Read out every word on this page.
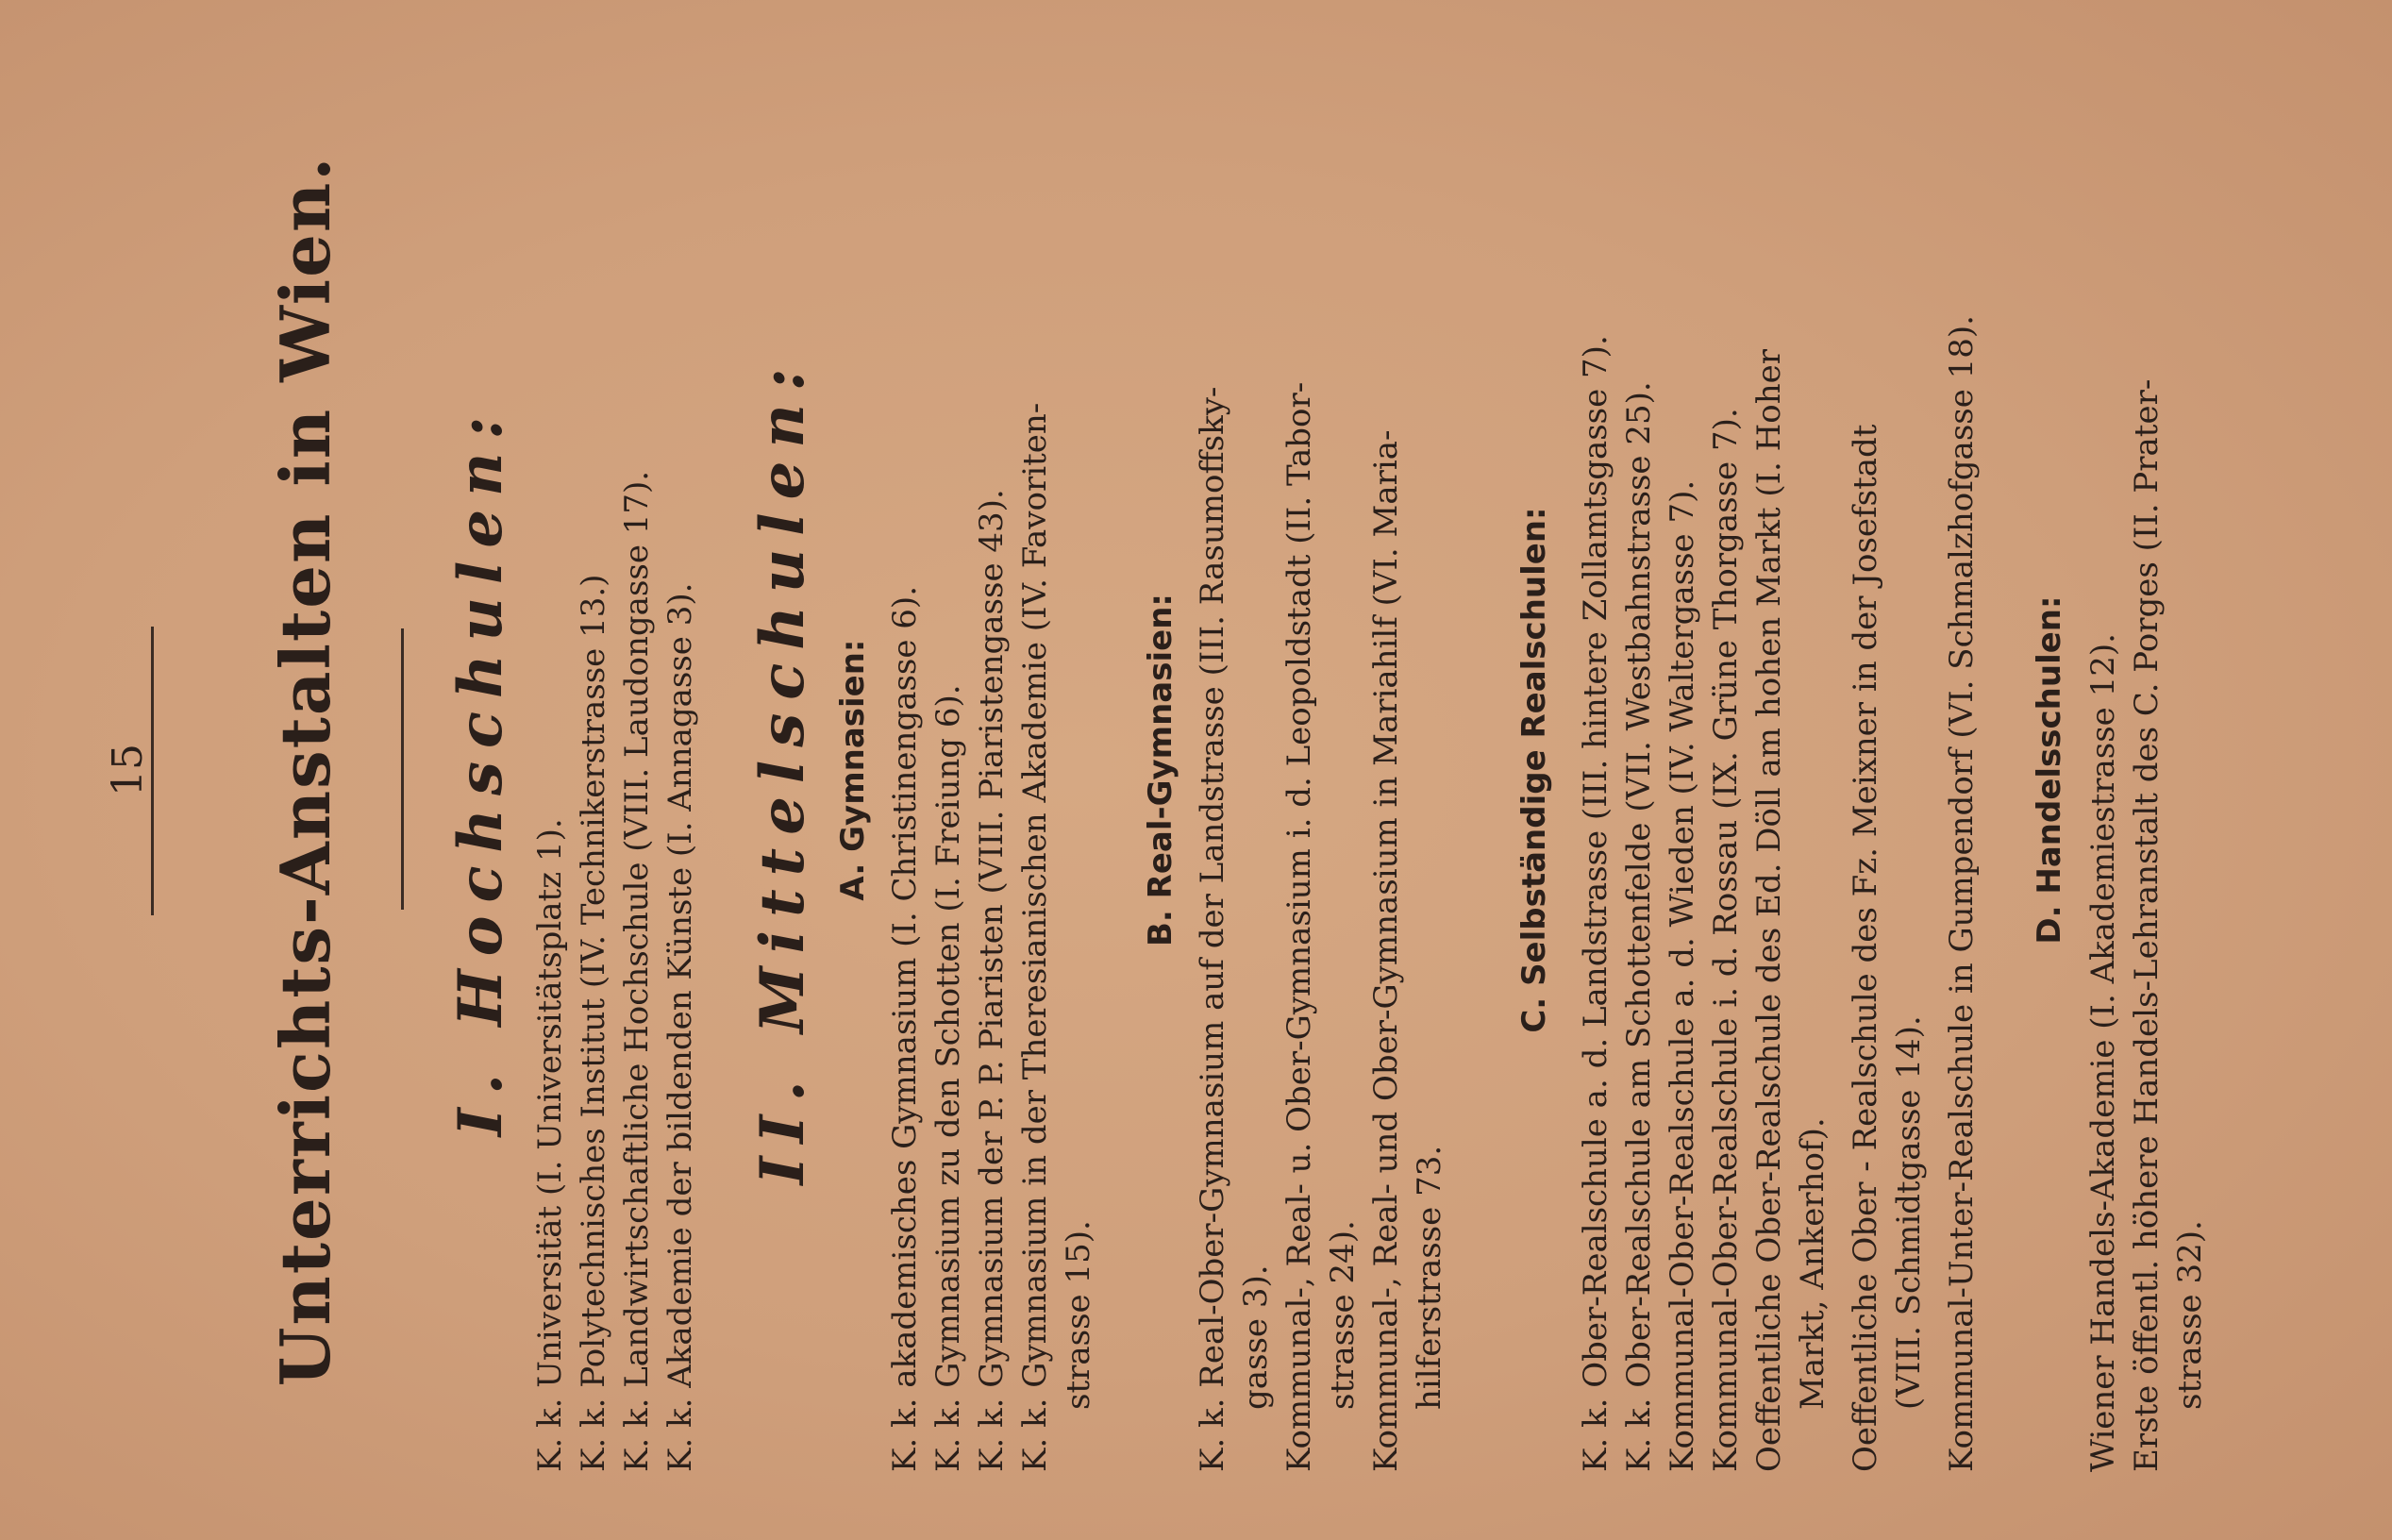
15 Unterrichts-Anstalten in Wien. I. Hochschulen:
K. k. Universität (I. Universitätsplatz 1). K. k. Polytechnisches Institut (IV. Technikerstrasse 13.) K. k. Landwirtschaftliche Hochschule (VIII. Laudongasse 17). K. k. Akademie der bildenden Künste (I. Annagasse 3). II. Mittelschulen: A. Gymnasien: K. k. akademisches Gymnasium (I. Christinengasse 6). K. k. Gymnasium zu den Schotten (I. Freiung 6). K. k. Gymnasium der P. P. Piaristen (VIII. Piaristengasse 43). K. k. Gymnasium in der Theresianischen Akademie (IV. Favoriten- strasse 15).
B. Real-Gymnasien: K. k. Real-Ober-Gymnasium auf der Landstrasse (III. Rasumoffsky- gasse 3). Kommunal-, Real- u. Ober-Gymnasium i. d. Leopoldstadt (II. Tabor- strasse 24). Kommunal-, Real- und Ober-Gymnasium in Mariahilf (VI. Maria- hilferstrasse 73.
C. Selbständige Realschulen: K. k. Ober-Realschule a. d. Landstrasse (III. hintere Zollamtsgasse 7). K. k. Ober-Realschule am Schottenfelde (VII. Westbahnstrasse 25). Kommunal-Ober-Realschule a. d. Wieden (IV. Waltergasse 7). Kommunal-Ober-Realschule i. d. Rossau (IX. Grüne Thorgasse 7). Oeffentliche Ober-Realschule des Ed. Döll am hohen Markt (I. Hoher Markt, Ankerhof). Oeffentliche Ober - Realschule des Fz. Meixner in der Josefstadt (VIII. Schmidtgasse 14). Kommunal-Unter-Realschule in Gumpendorf (VI. Schmalzhofgasse 18). D. Handelsschulen: Wiener Handels-Akademie (I. Akademiestrasse 12). Erste öffentl. höhere Handels-Lehranstalt des C. Porges (II. Prater- strasse 32).
